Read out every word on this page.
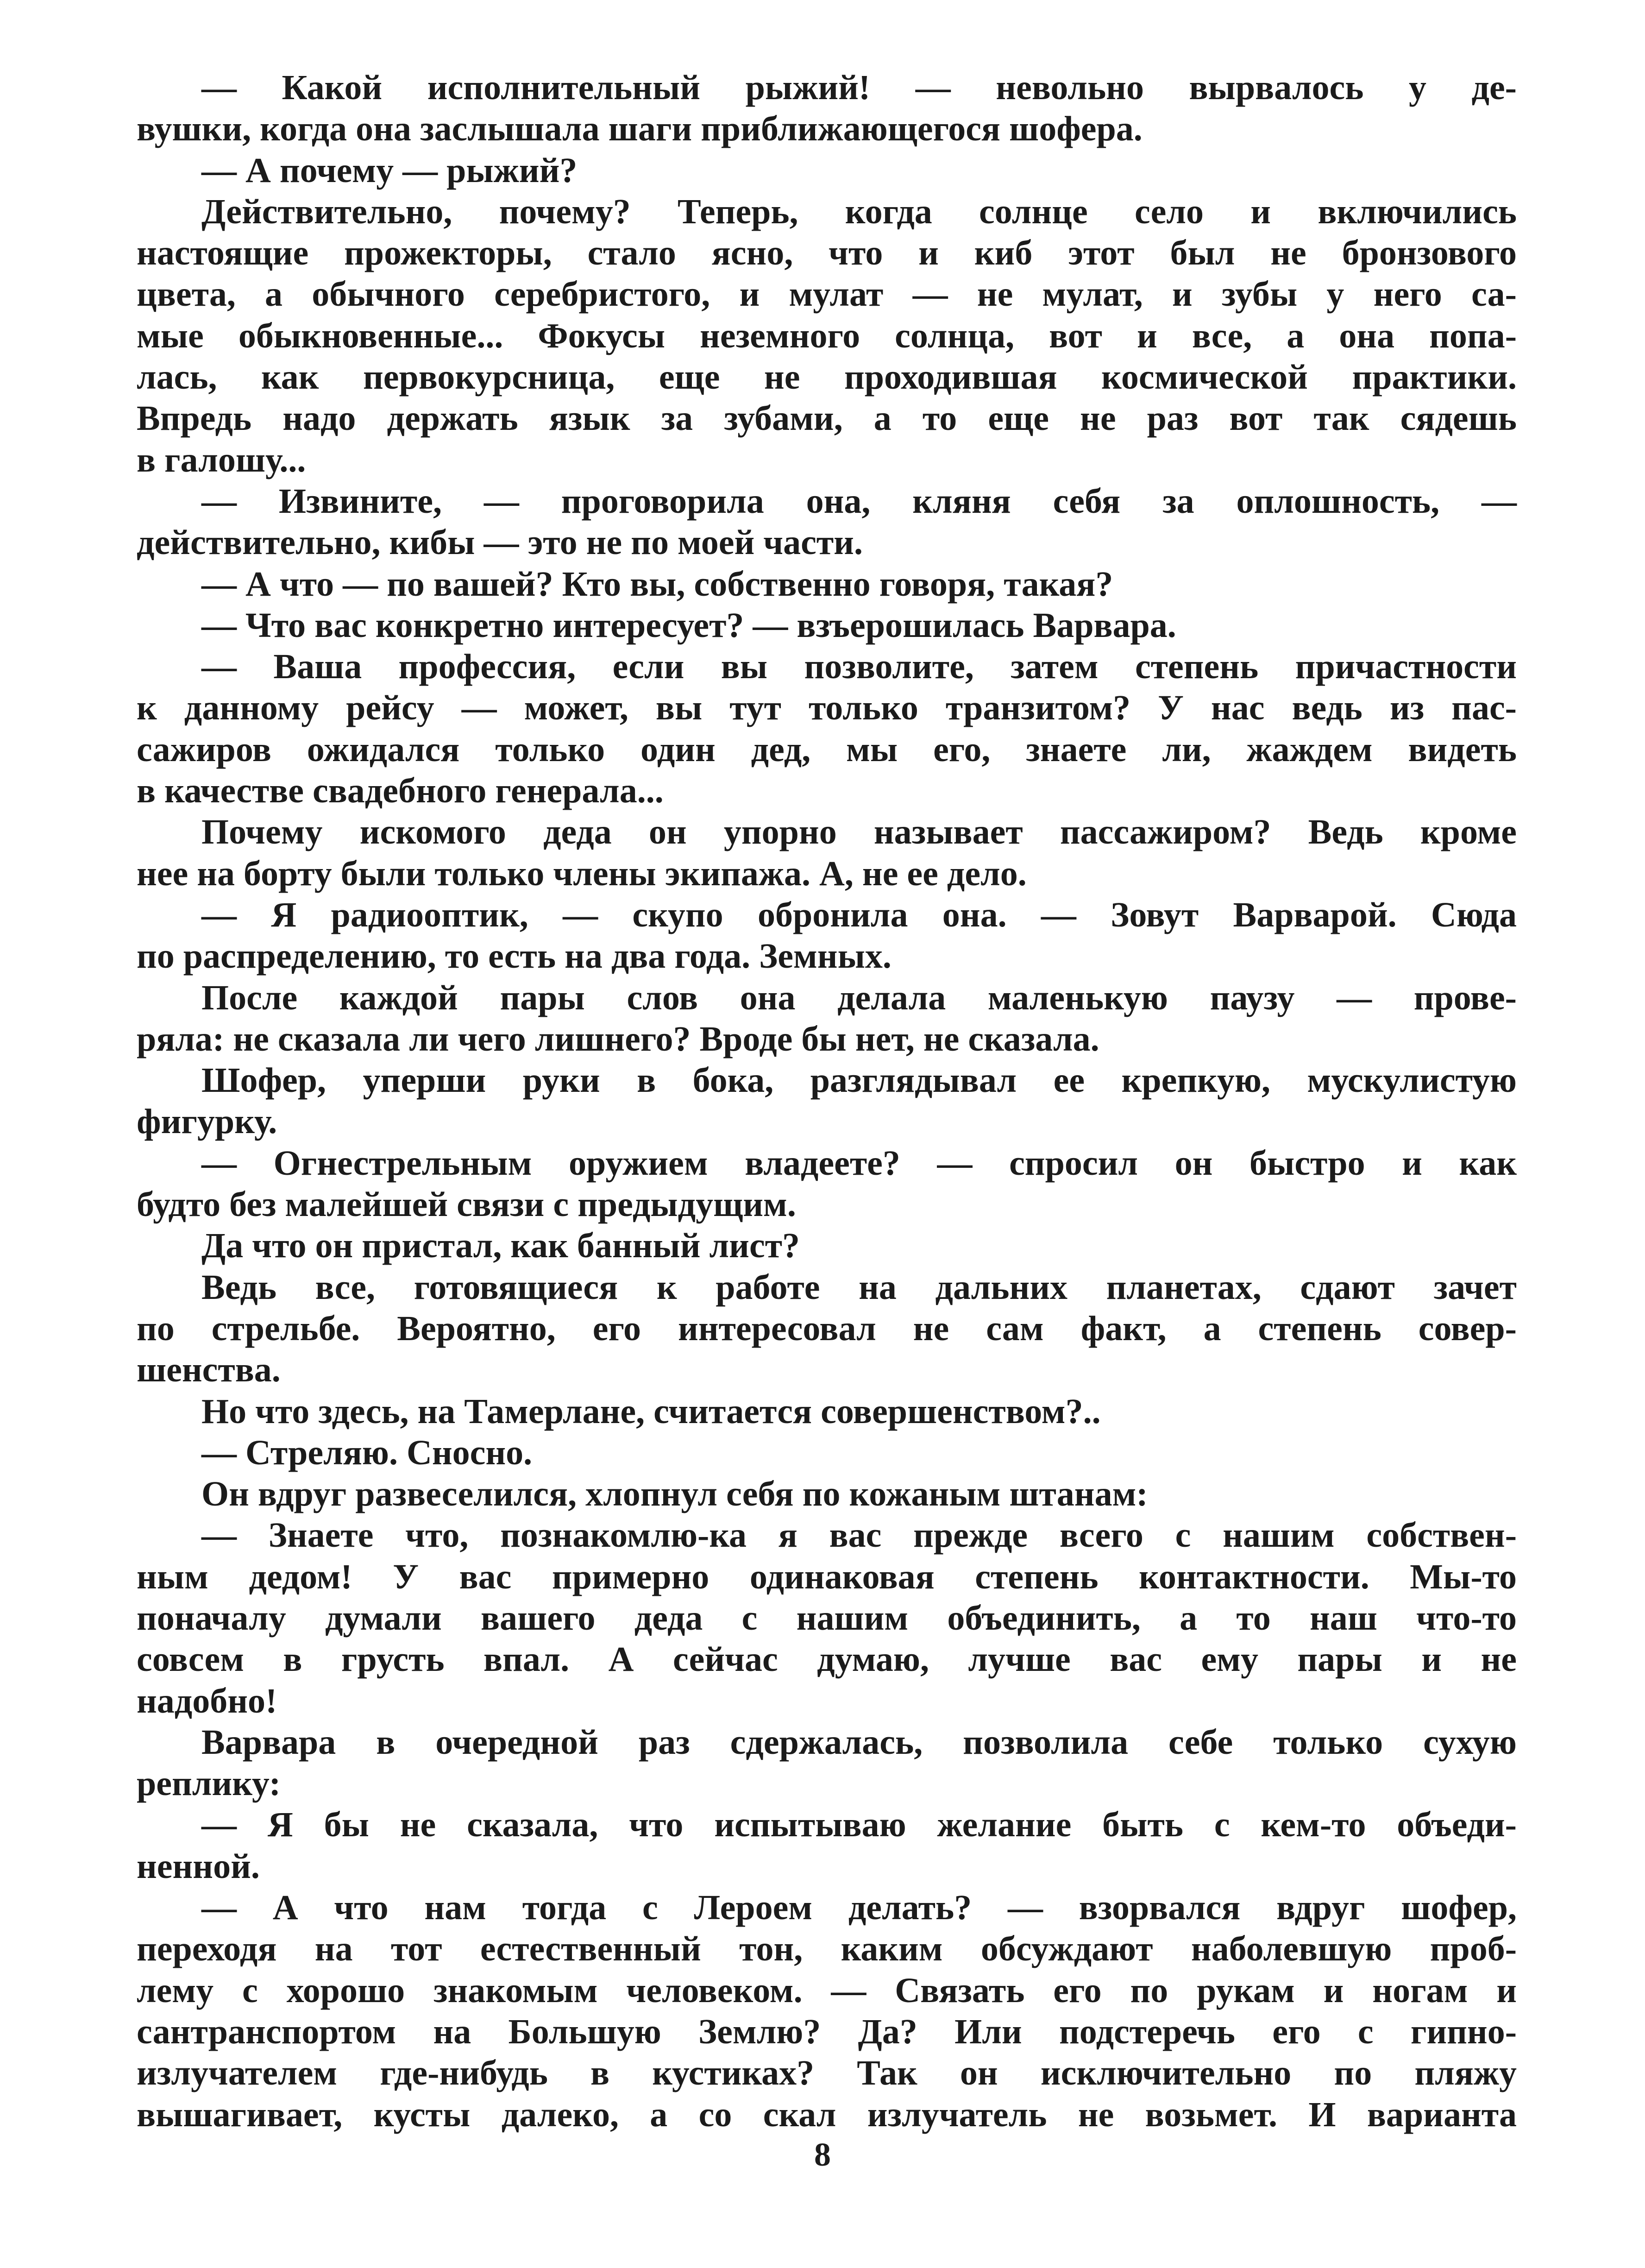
— Какой исполнительный рыжий! — невольно вырвалось у де-
вушки, когда она заслышала шаги приближающегося шофера.
— А почему — рыжий?
Действительно, почему? Теперь, когда солнце село и включились
настоящие прожекторы, стало ясно, что и киб этот был не бронзового
цвета, а обычного серебристого, и мулат — не мулат, и зубы у него са-
мые обыкновенные... Фокусы неземного солнца, вот и все, а она попа-
лась, как первокурсница, еще не проходившая космической практики.
Впредь надо держать язык за зубами, а то еще не раз вот так сядешь
в галошу...
— Извините, — проговорила она, кляня себя за оплошность, —
действительно, кибы — это не по моей части.
— А что — по вашей? Кто вы, собственно говоря, такая?
— Что вас конкретно интересует? — взъерошилась Варвара.
— Ваша профессия, если вы позволите, затем степень причастности
к данному рейсу — может, вы тут только транзитом? У нас ведь из пас-
сажиров ожидался только один дед, мы его, знаете ли, жаждем видеть
в качестве свадебного генерала...
Почему искомого деда он упорно называет пассажиром? Ведь кроме
нее на борту были только члены экипажа. А, не ее дело.
— Я радиооптик, — скупо обронила она. — Зовут Варварой. Сюда
по распределению, то есть на два года. Земных.
После каждой пары слов она делала маленькую паузу — прове-
ряла: не сказала ли чего лишнего? Вроде бы нет, не сказала.
Шофер, уперши руки в бока, разглядывал ее крепкую, мускулистую
фигурку.
— Огнестрельным оружием владеете? — спросил он быстро и как
будто без малейшей связи с предыдущим.
Да что он пристал, как банный лист?
Ведь все, готовящиеся к работе на дальних планетах, сдают зачет
по стрельбе. Вероятно, его интересовал не сам факт, а степень совер-
шенства.
Но что здесь, на Тамерлане, считается совершенством?..
— Стреляю. Сносно.
Он вдруг развеселился, хлопнул себя по кожаным штанам:
— Знаете что, познакомлю-ка я вас прежде всего с нашим собствен-
ным дедом! У вас примерно одинаковая степень контактности. Мы-то
поначалу думали вашего деда с нашим объединить, а то наш что-то
совсем в грусть впал. А сейчас думаю, лучше вас ему пары и не
надобно!
Варвара в очередной раз сдержалась, позволила себе только сухую
реплику:
— Я бы не сказала, что испытываю желание быть с кем-то объеди-
ненной.
— А что нам тогда с Лероем делать? — взорвался вдруг шофер,
переходя на тот естественный тон, каким обсуждают наболевшую проб-
лему с хорошо знакомым человеком. — Связать его по рукам и ногам и
сантранспортом на Большую Землю? Да? Или подстеречь его с гипно-
излучателем где-нибудь в кустиках? Так он исключительно по пляжу
вышагивает, кусты далеко, а со скал излучатель не возьмет. И варианта
8
